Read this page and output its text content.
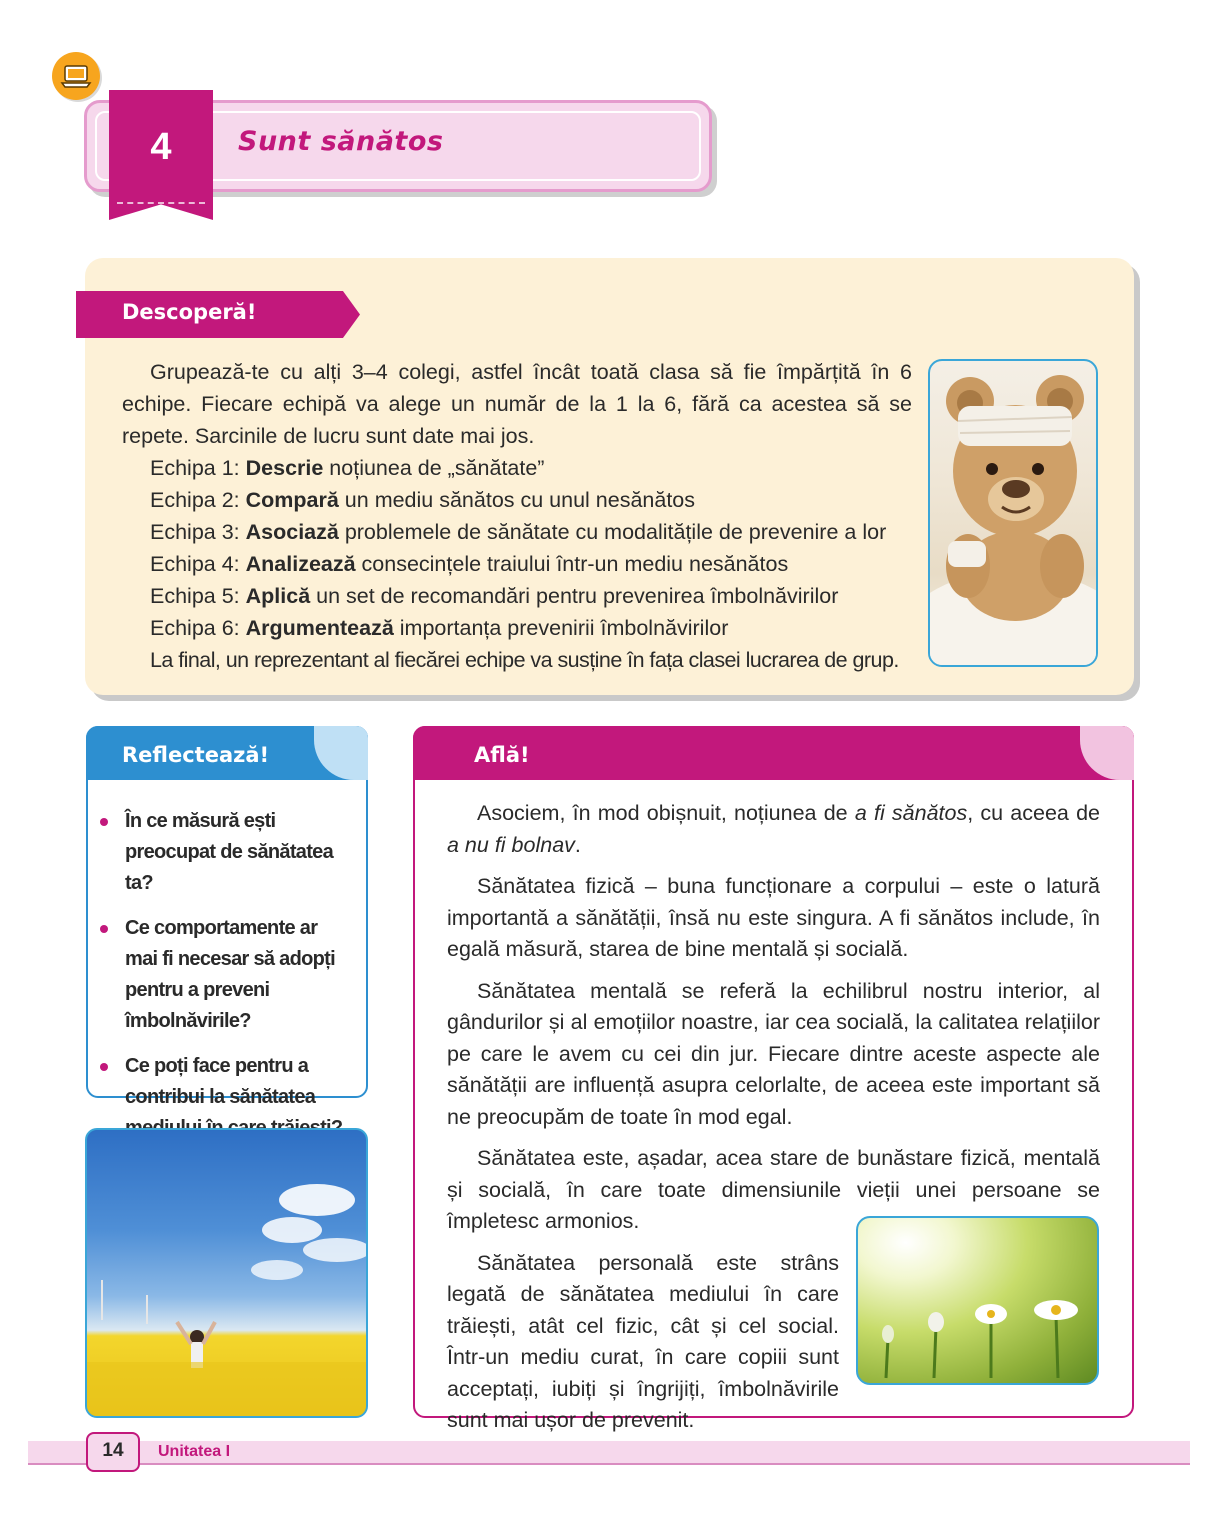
4	Sunt sănătos
Descoperă!

Grupează-te cu alți 3–4 colegi, astfel încât toată clasa să fie împărțită în 6 echipe. Fiecare echipă va alege un număr de la 1 la 6, fără ca acestea să se repete. Sarcinile de lucru sunt date mai jos.

Echipa 1: Descrie noțiunea de „sănătate”
Echipa 2: Compară un mediu sănătos cu unul nesănătos
Echipa 3: Asociază problemele de sănătate cu modalitățile de prevenire a lor
Echipa 4: Analizează consecințele traiului într-un mediu nesănătos
Echipa 5: Aplică un set de recomandări pentru prevenirea îmbolnăvirilor
Echipa 6: Argumentează importanța prevenirii îmbolnăvirilor
La final, un reprezentant al fiecărei echipe va susține în fața clasei lucrarea de grup.
Reflectează!
În ce măsură ești preocupat de sănătatea ta?
Ce comportamente ar mai fi necesar să adopți pentru a preveni îmbolnăvirile?
Ce poți face pentru a contribui la sănătatea
Află!

Asociem, în mod obișnuit, noțiunea de a fi sănătos, cu aceea de a nu fi bolnav.

Sănătatea fizică – buna funcționare a corpului – este o latură importantă a sănătății, însă nu este singura. A fi sănătos include, în egală măsură, starea de bine mentală și socială.

Sănătatea mentală se referă la echilibrul nostru interior, al gândurilor și al emoțiilor noastre, iar cea socială, la calitatea relațiilor pe care le avem cu cei din jur. Fiecare dintre aceste aspecte ale sănătății are influență asupra celorlalte, de aceea este important să ne preocupăm de toate în mod egal.

Sănătatea este, așadar, acea stare de bunăstare fizică, mentală și socială, în care toate dimensiunile vieții unei persoane se împletesc armonios.

Sănătatea personală este strâns legată de sănătatea mediului în care trăiești, atât cel fizic, cât și cel social. Într-un mediu curat, în care copiii sunt acceptați, iubiți și îngrijiți, îmbolnăvirile sunt mai ușor de prevenit.

14	Unitatea I
